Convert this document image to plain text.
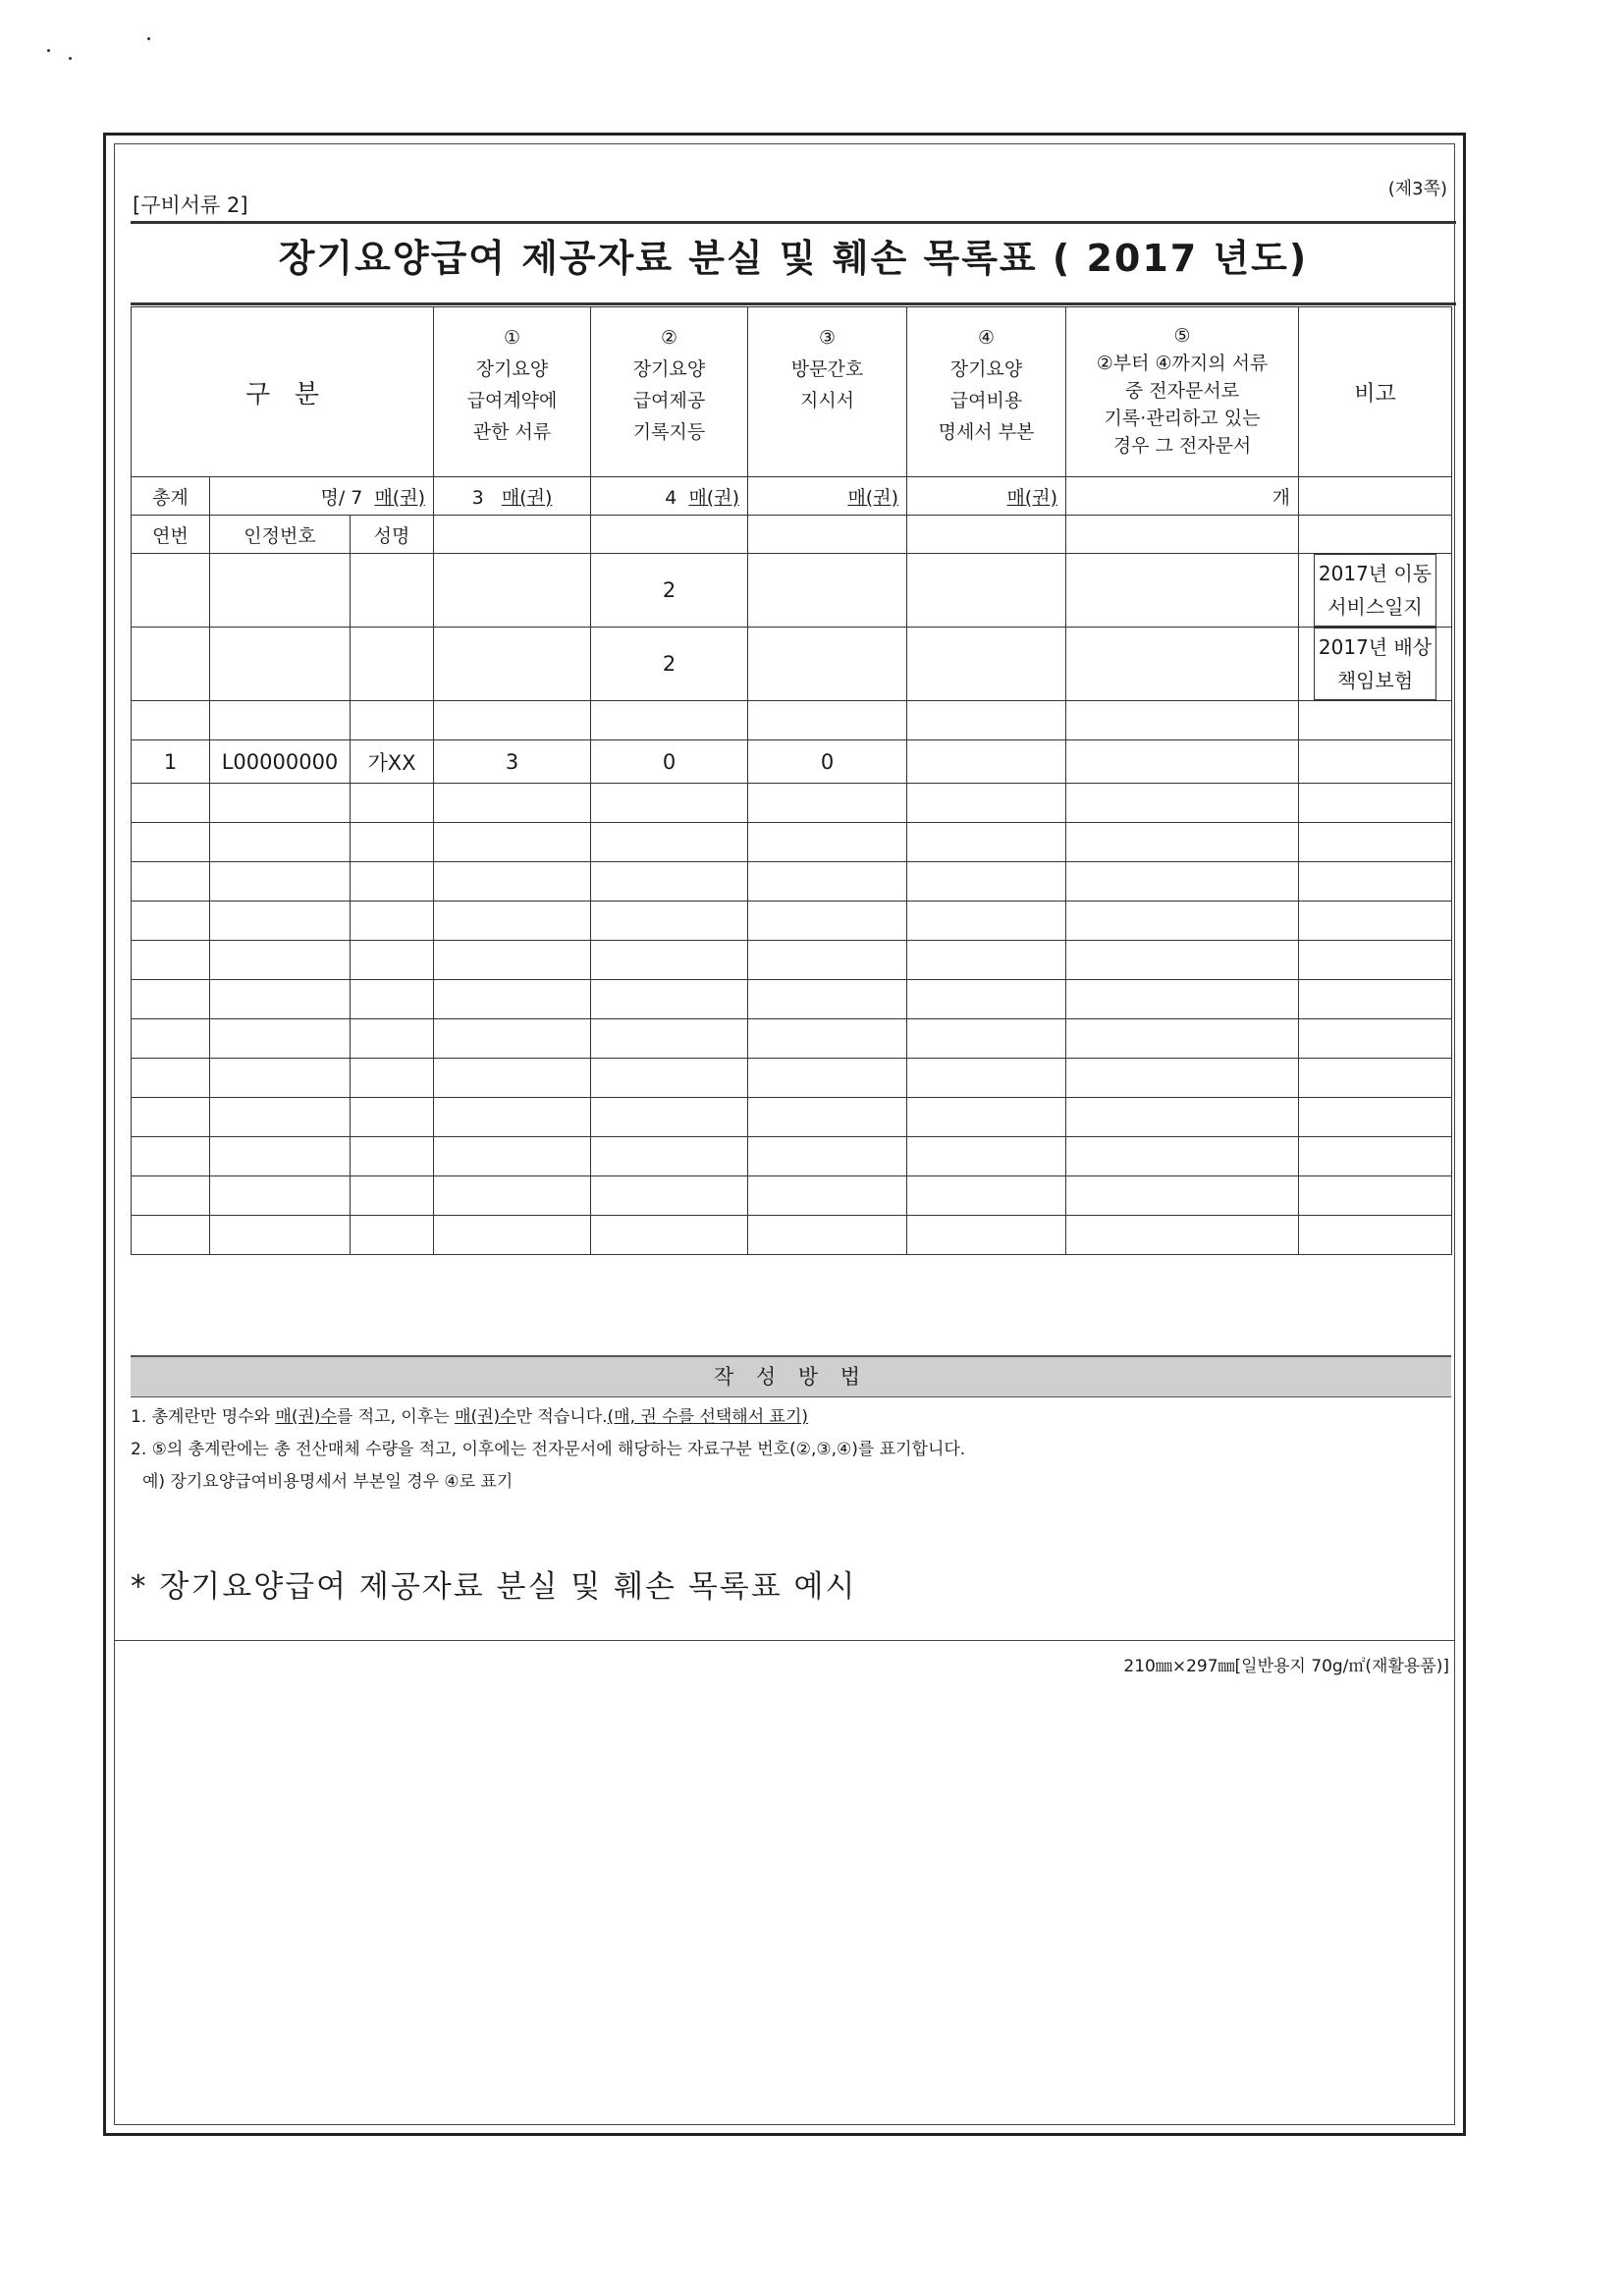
(제3쪽)
[구비서류 2]
장기요양급여 제공자료 분실 및 훼손 목록표 ( 2017 년도)
구   분			①
장기요양
급여계약에
관한 서류	②
장기요양
급여제공
기록지등	③
방문간호
지시서	④
장기요양
급여비용
명세서 부본	⑤
②부터 ④까지의 서류
중 전자문서로
기록·관리하고 있는
경우 그 전자문서	비고
총계	명/ 7 매(권)		3 매(권)	4 매(권)	매(권)	매(권)	개	
연번	인정번호	성명						
				2				2017년 이동
서비스일지

				2				2017년 배상
책임보험

1	L00000000	가XX	3	0	0			

작 성 방 법
1. 총계란만 명수와 매(권)수를 적고, 이후는 매(권)수만 적습니다.(매, 권 수를 선택해서 표기)
2. ⑤의 총계란에는 총 전산매체 수량을 적고, 이후에는 전자문서에 해당하는 자료구분 번호(②,③,④)를 표기합니다.
예) 장기요양급여비용명세서 부본일 경우 ④로 표기
* 장기요양급여 제공자료 분실 및 훼손 목록표 예시
210㎜×297㎜[일반용지 70g/㎡(재활용품)]
